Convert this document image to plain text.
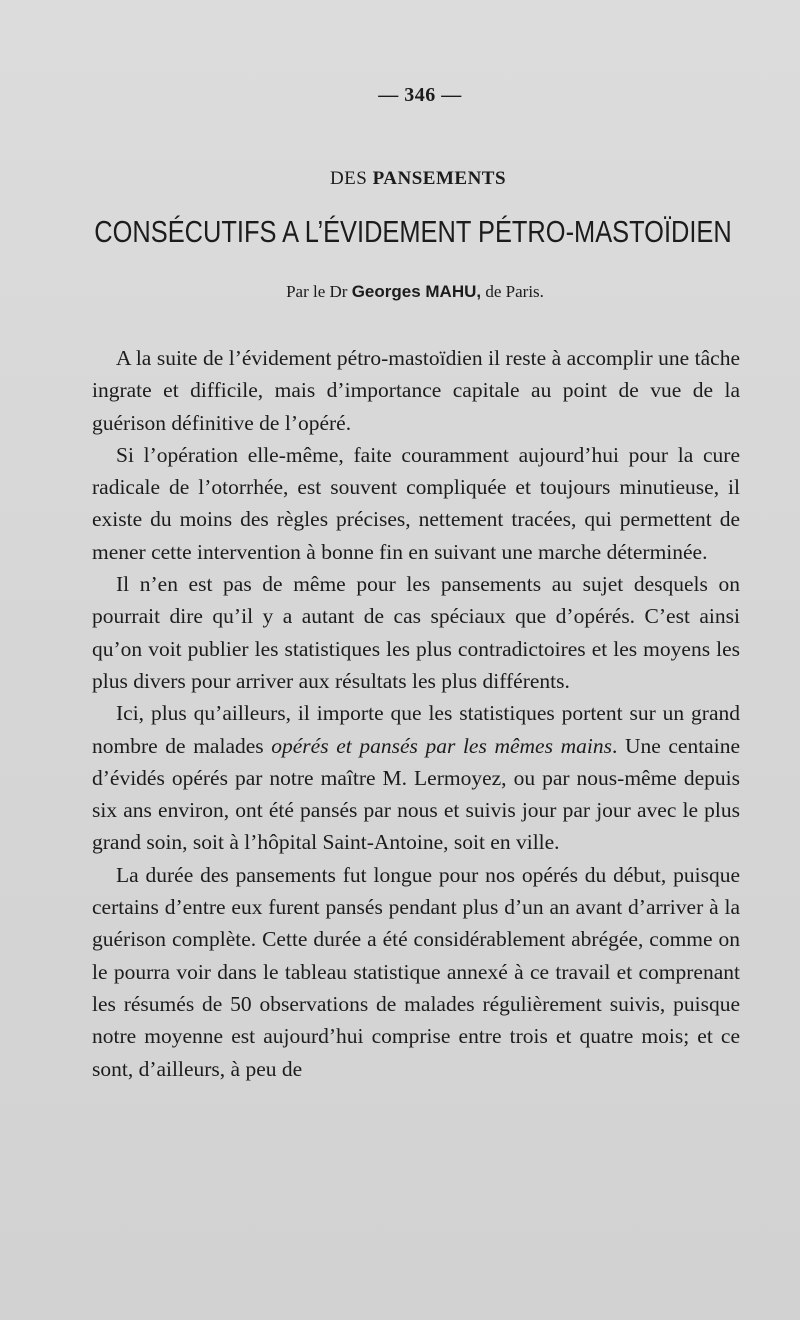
— 346 —
DES PANSEMENTS
CONSÉCUTIFS A L’ÉVIDEMENT PÉTRO-MASTOÏDIEN
Par le Dr Georges MAHU, de Paris.

A la suite de l’évidement pétro-mastoïdien il reste à accomplir une tâche ingrate et difficile, mais d’importance capitale au point de vue de la guérison définitive de l’opéré.

Si l’opération elle-même, faite couramment aujourd’hui pour la cure radicale de l’otorrhée, est souvent compliquée et toujours minutieuse, il existe du moins des règles précises, nettement tracées, qui permettent de mener cette intervention à bonne fin en suivant une marche déterminée.

Il n’en est pas de même pour les pansements au sujet desquels on pourrait dire qu’il y a autant de cas spéciaux que d’opérés. C’est ainsi qu’on voit publier les statistiques les plus contradictoires et les moyens les plus divers pour arriver aux résultats les plus différents.

Ici, plus qu’ailleurs, il importe que les statistiques portent sur un grand nombre de malades opérés et pansés par les mêmes mains. Une centaine d’évidés opérés par notre maître M. Lermoyez, ou par nous-même depuis six ans environ, ont été pansés par nous et suivis jour par jour avec le plus grand soin, soit à l’hôpital Saint-Antoine, soit en ville.

La durée des pansements fut longue pour nos opérés du début, puisque certains d’entre eux furent pansés pendant plus d’un an avant d’arriver à la guérison complète. Cette durée a été considérablement abrégée, comme on le pourra voir dans le tableau statistique annexé à ce travail et comprenant les résumés de 50 observations de malades régulièrement suivis, puisque notre moyenne est aujourd’hui comprise entre trois et quatre mois; et ce sont, d’ailleurs, à peu de
